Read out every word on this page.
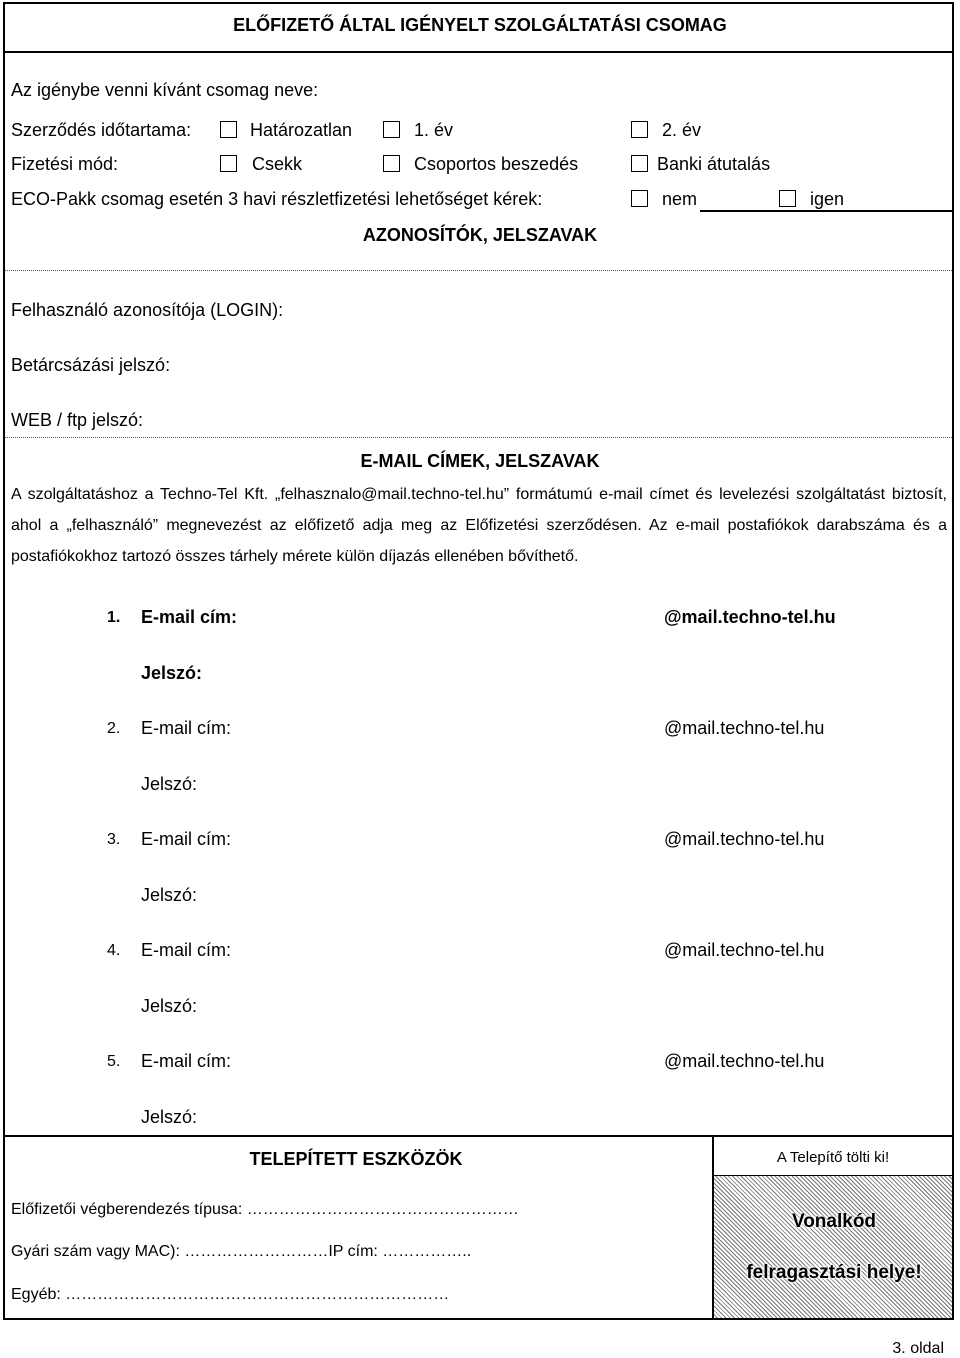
ELŐFIZETŐ ÁLTAL IGÉNYELT SZOLGÁLTATÁSI CSOMAG
Az igénybe venni kívánt csomag neve:
Szerződés időtartama:	Határozatlan	1. év	2. év
Fizetési mód:	Csekk	Csoportos beszedés	Banki átutalás
ECO-Pakk csomag esetén 3 havi részletfizetési lehetőséget kérek:	nem	igen
AZONOSÍTÓK, JELSZAVAK
Felhasználó azonosítója (LOGIN):
Betárcsázási jelszó:
WEB / ftp jelszó:
E-MAIL CÍMEK, JELSZAVAK
A szolgáltatáshoz a Techno-Tel Kft. „felhasznalo@mail.techno-tel.hu” formátumú e-mail címet és levelezési szolgáltatást biztosít, ahol a „felhasználó” megnevezést az előfizető adja meg az Előfizetési szerződésen. Az e-mail postafiókok darabszáma és a postafiókokhoz tartozó összes tárhely mérete külön díjazás ellenében bővíthető.
1. E-mail cím:	@mail.techno-tel.hu
Jelszó:
2. E-mail cím:	@mail.techno-tel.hu
Jelszó:
3. E-mail cím:	@mail.techno-tel.hu
Jelszó:
4. E-mail cím:	@mail.techno-tel.hu
Jelszó:
5. E-mail cím:	@mail.techno-tel.hu
Jelszó:
TELEPÍTETT ESZKÖZÖK	A Telepítő tölti ki!
Előfizetői végberendezés típusa: ……………………………………………
Gyári szám vagy MAC): ………………………IP cím: ……………..
Egyéb: ………………………………………………………………
Vonalkód
felragasztási helye!
3. oldal
